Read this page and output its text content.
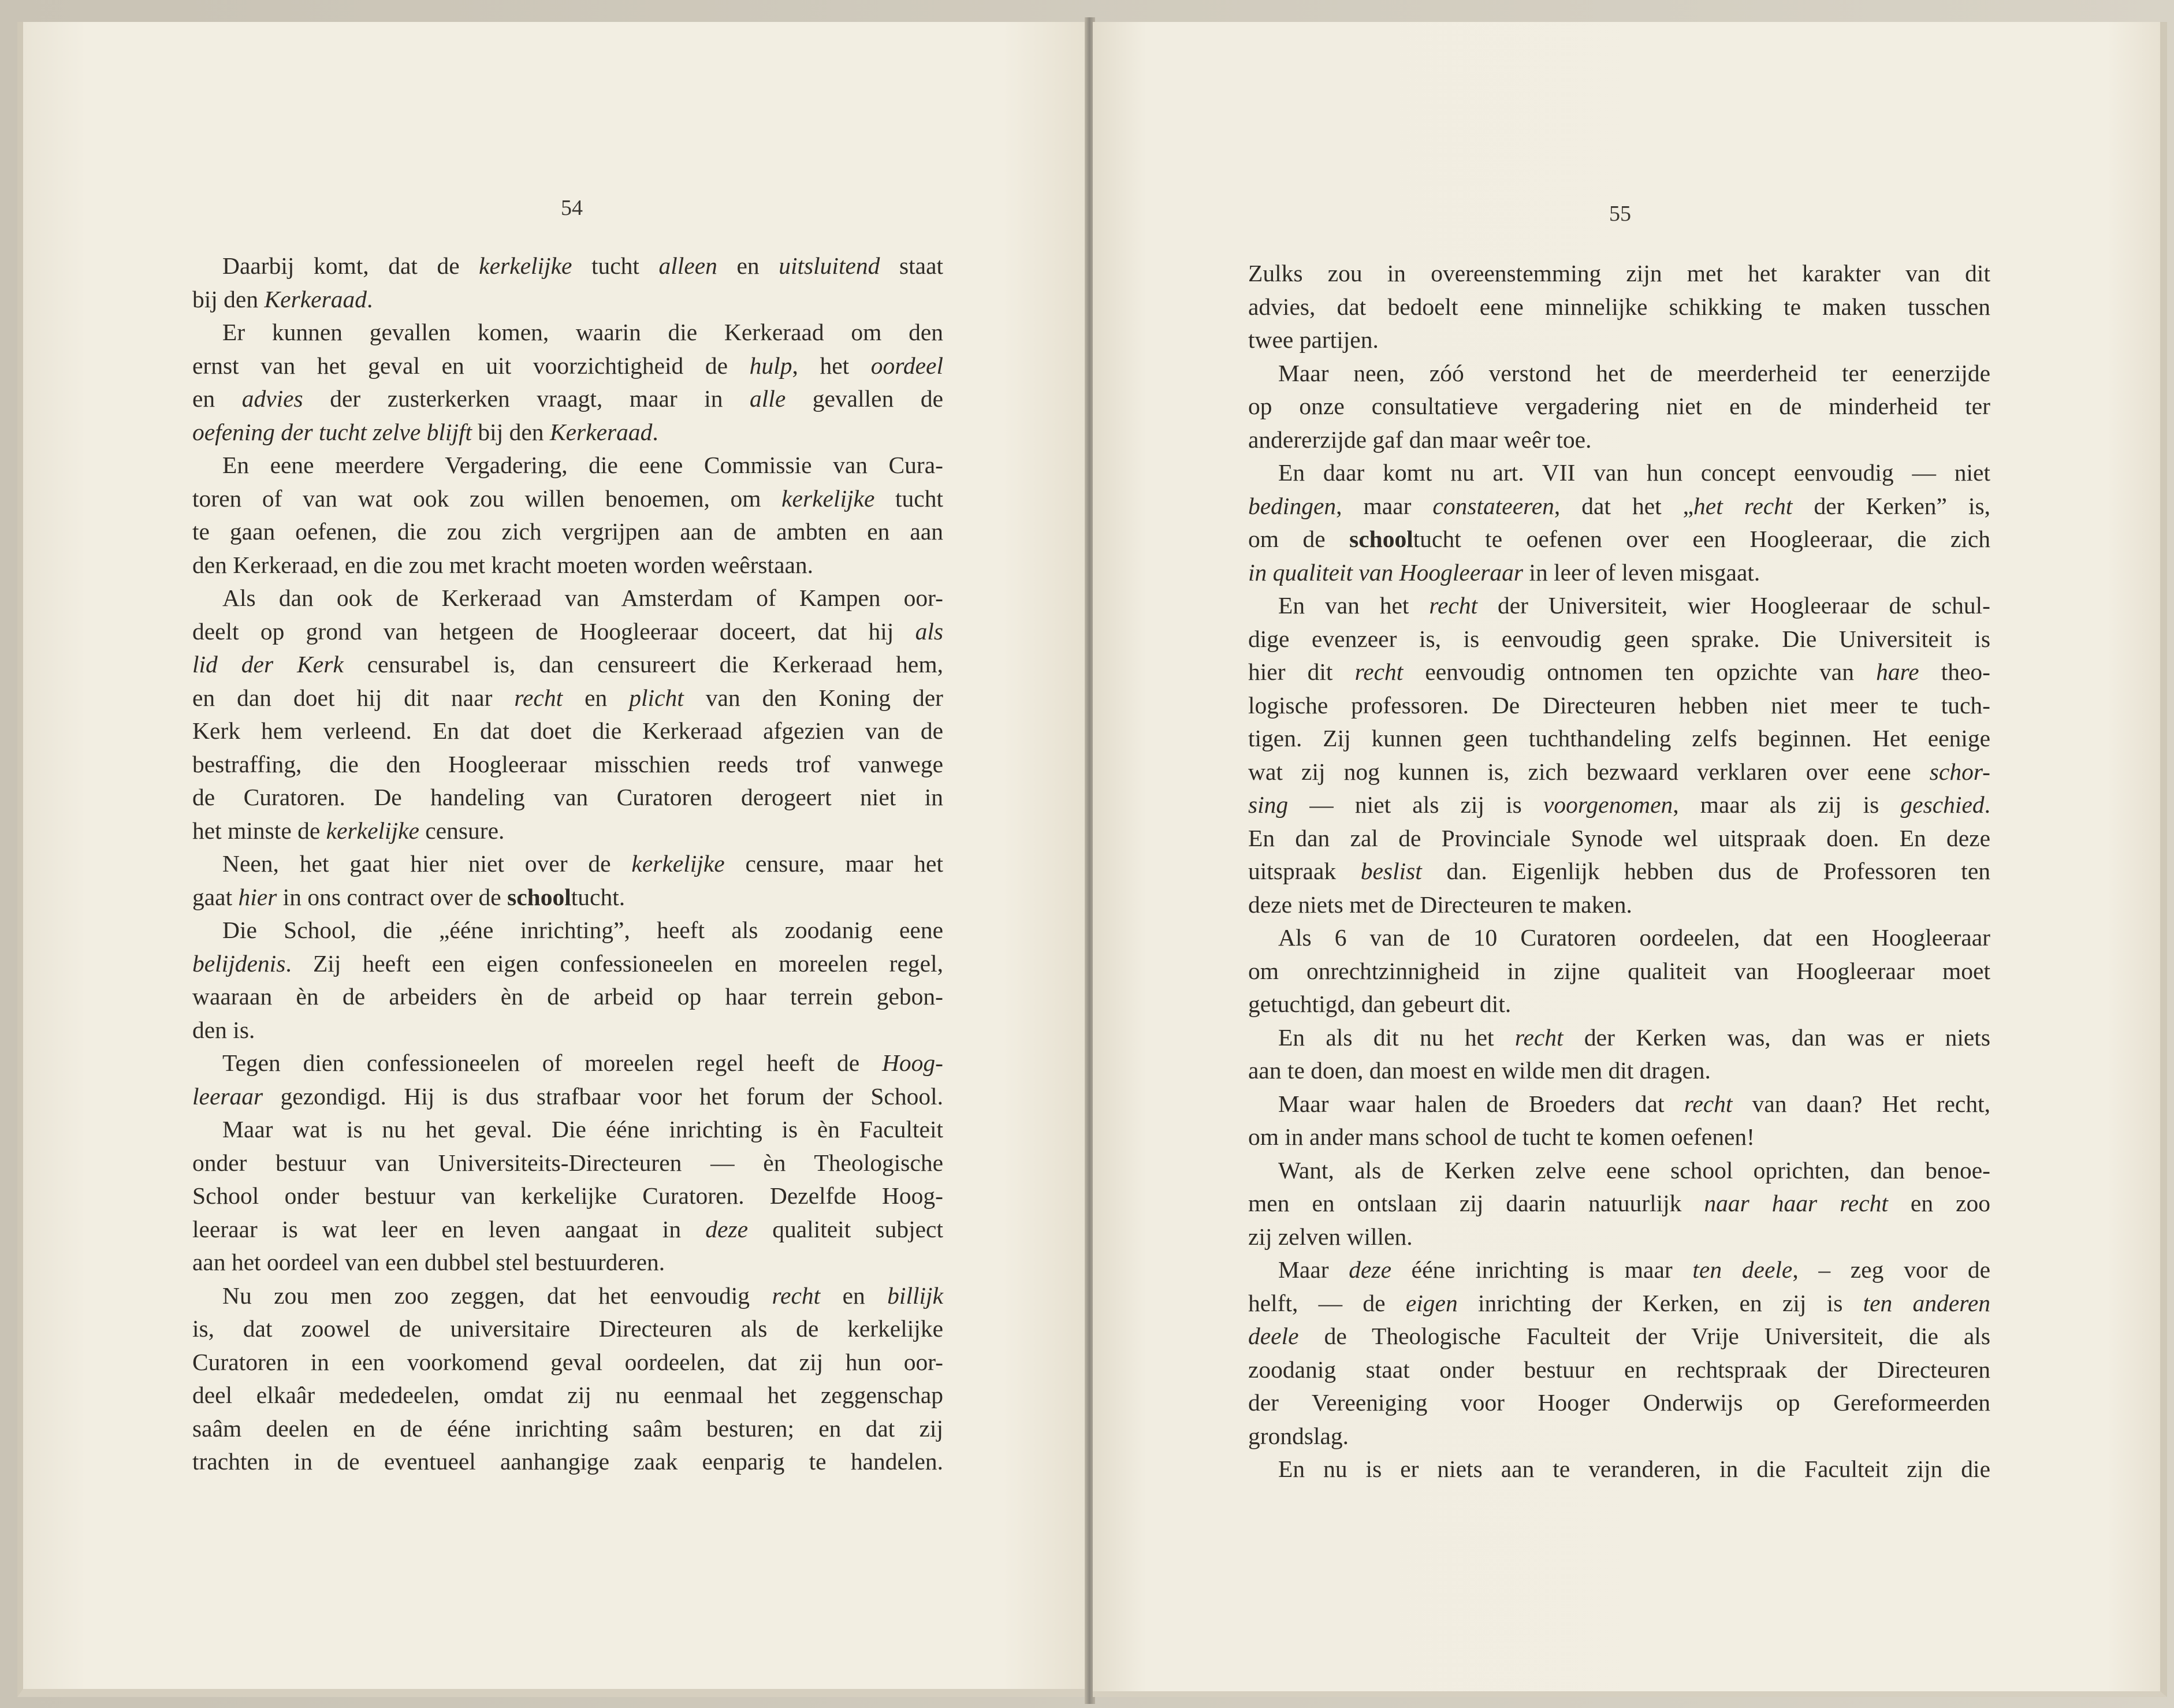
54	55

Daarbij komt, dat de kerkelijke tucht alleen en uitsluitend staat

bij den Kerkeraad.

Er kunnen gevallen komen, waarin die Kerkeraad om den

ernst van het geval en uit voorzichtigheid de hulp, het oordeel

en advies der zusterkerken vraagt, maar in alle gevallen de

oefening der tucht zelve blijft bij den Kerkeraad.

En eene meerdere Vergadering, die eene Commissie van Cura-

toren of van wat ook zou willen benoemen, om kerkelijke tucht

te gaan oefenen, die zou zich vergrijpen aan de ambten en aan

den Kerkeraad, en die zou met kracht moeten worden weêrstaan.

Als dan ook de Kerkeraad van Amsterdam of Kampen oor-

deelt op grond van hetgeen de Hoogleeraar doceert, dat hij als

lid der Kerk censurabel is, dan censureert die Kerkeraad hem,

en dan doet hij dit naar recht en plicht van den Koning der

Kerk hem verleend. En dat doet die Kerkeraad afgezien van de

bestraffing, die den Hoogleeraar misschien reeds trof vanwege

de Curatoren. De handeling van Curatoren derogeert niet in

het minste de kerkelijke censure.

Neen, het gaat hier niet over de kerkelijke censure, maar het

gaat hier in ons contract over de schooltucht.

Die School, die „ééne inrichting”, heeft als zoodanig eene

belijdenis. Zij heeft een eigen confessioneelen en moreelen regel,

waaraan èn de arbeiders èn de arbeid op haar terrein gebon-

den is.

Tegen dien confessioneelen of moreelen regel heeft de Hoog-

leeraar gezondigd. Hij is dus strafbaar voor het forum der School.

Maar wat is nu het geval. Die ééne inrichting is èn Faculteit

onder bestuur van Universiteits-Directeuren — èn Theologische

School onder bestuur van kerkelijke Curatoren. Dezelfde Hoog-

leeraar is wat leer en leven aangaat in deze qualiteit subject

aan het oordeel van een dubbel stel bestuurderen.

Nu zou men zoo zeggen, dat het eenvoudig recht en billijk

is, dat zoowel de universitaire Directeuren als de kerkelijke

Curatoren in een voorkomend geval oordeelen, dat zij hun oor-

deel elkaâr mededeelen, omdat zij nu eenmaal het zeggenschap

saâm deelen en de ééne inrichting saâm besturen; en dat zij

trachten in de eventueel aanhangige zaak eenparig te handelen.

Zulks zou in overeenstemming zijn met het karakter van dit

advies, dat bedoelt eene minnelijke schikking te maken tusschen

twee partijen.

Maar neen, zóó verstond het de meerderheid ter eenerzijde

op onze consultatieve vergadering niet en de minderheid ter

andererzijde gaf dan maar weêr toe.

En daar komt nu art. VII van hun concept eenvoudig — niet

bedingen, maar constateeren, dat het „het recht der Kerken” is,

om de schooltucht te oefenen over een Hoogleeraar, die zich

in qualiteit van Hoogleeraar in leer of leven misgaat.

En van het recht der Universiteit, wier Hoogleeraar de schul-

dige evenzeer is, is eenvoudig geen sprake. Die Universiteit is

hier dit recht eenvoudig ontnomen ten opzichte van hare theo-

logische professoren. De Directeuren hebben niet meer te tuch-

tigen. Zij kunnen geen tuchthandeling zelfs beginnen. Het eenige

wat zij nog kunnen is, zich bezwaard verklaren over eene schor-

sing — niet als zij is voorgenomen, maar als zij is geschied.

En dan zal de Provinciale Synode wel uitspraak doen. En deze

uitspraak beslist dan. Eigenlijk hebben dus de Professoren ten

deze niets met de Directeuren te maken.

Als 6 van de 10 Curatoren oordeelen, dat een Hoogleeraar

om onrechtzinnigheid in zijne qualiteit van Hoogleeraar moet

getuchtigd, dan gebeurt dit.

En als dit nu het recht der Kerken was, dan was er niets

aan te doen, dan moest en wilde men dit dragen.

Maar waar halen de Broeders dat recht van daan? Het recht,

om in ander mans school de tucht te komen oefenen!

Want, als de Kerken zelve eene school oprichten, dan benoe-

men en ontslaan zij daarin natuurlijk naar haar recht en zoo

zij zelven willen.

Maar deze ééne inrichting is maar ten deele, – zeg voor de

helft, — de eigen inrichting der Kerken, en zij is ten anderen

deele de Theologische Faculteit der Vrije Universiteit, die als

zoodanig staat onder bestuur en rechtspraak der Directeuren

der Vereeniging voor Hooger Onderwijs op Gereformeerden

grondslag.

En nu is er niets aan te veranderen, in die Faculteit zijn die
